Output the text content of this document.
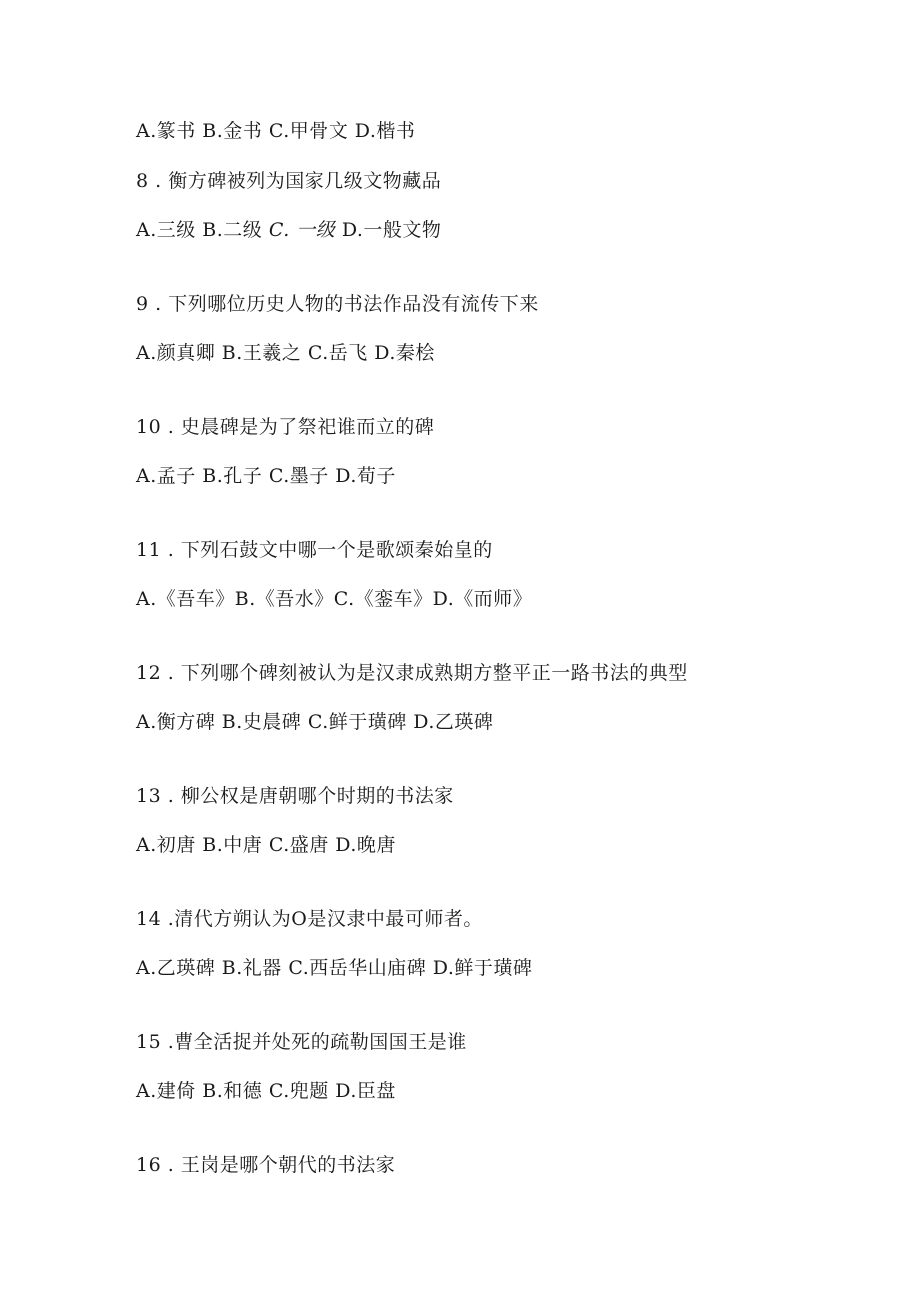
A.篆书 B.金书 C.甲骨文 D.楷书
8 . 衡方碑被列为国家几级文物藏品
A.三级 B.二级 C. 一级 D.一般文物
9 . 下列哪位历史人物的书法作品没有流传下来
A.颜真卿 B.王羲之 C.岳飞 D.秦桧
10 . 史晨碑是为了祭祀谁而立的碑
A.孟子 B.孔子 C.墨子 D.荀子
11 . 下列石鼓文中哪一个是歌颂秦始皇的
A.《吾车》B.《吾水》C.《銮车》D.《而师》
12 . 下列哪个碑刻被认为是汉隶成熟期方整平正一路书法的典型
A.衡方碑 B.史晨碑 C.鲜于璜碑 D.乙瑛碑
13 . 柳公权是唐朝哪个时期的书法家
A.初唐 B.中唐 C.盛唐 D.晚唐
14 .清代方朔认为O是汉隶中最可师者。
A.乙瑛碑 B.礼器 C.西岳华山庙碑 D.鲜于璜碑
15 .曹全活捉并处死的疏勒国国王是谁
A.建倚 B.和德 C.兜题 D.臣盘
16 . 王岗是哪个朝代的书法家
